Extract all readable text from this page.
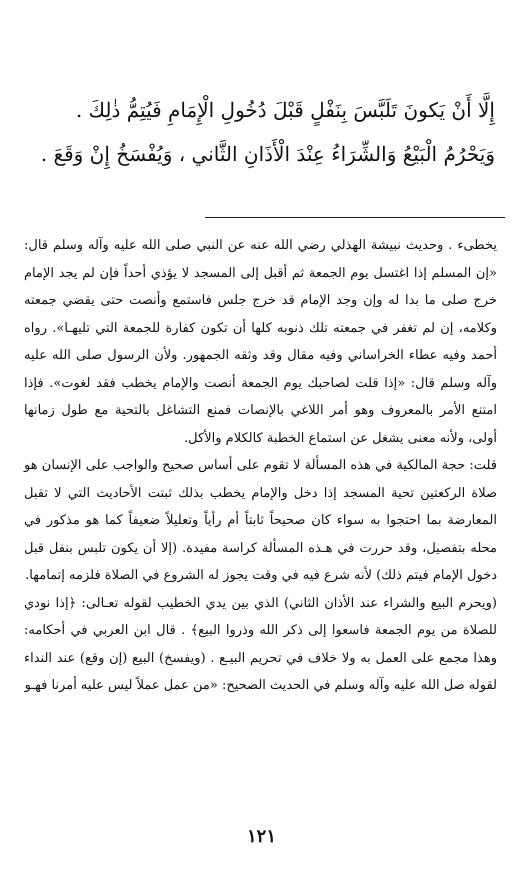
إِلَّا أَنْ يَكونَ تَلَبَّسَ بِنَفْلٍ قَبْلَ دُخُولِ الْإِمَامِ فَيُتِمُّ ذٰلِكَ .
وَيَحْرُمُ الْبَيْعُ وَالشِّرَاءُ عِنْدَ الْأَذَانِ الثَّاني ، وَيُفْسَخُ إِنْ وَقَعَ .

يخطىء . وحديث نبيشة الهذلي رضي الله عنه عن النبي صلى الله عليه وآله وسلم قال: «إن المسلم إذا اغتسل يوم الجمعة ثم أقبل إلى المسجد لا يؤذي أحداً فإن لم يجد الإمام خرج صلى ما بدا له وإن وجد الإمام قد خرج جلس فاستمع وأنصت حتى يقضي جمعته وكلامه، إن لم تغفر في جمعته تلك ذنوبه كلها أن تكون كفارة للجمعة التي تليهـا». رواه أحمد وفيه عطاء الخراساني وفيه مقال وقد وثقه الجمهور. ولأن الرسول صلى الله عليه وآله وسلم قال: «إذا قلت لصاحبك يوم الجمعة أنصت والإمام يخطب فقد لغوت». فإذا امتنع الأمر بالمعروف وهو أمر اللاغي بالإنصات فمنع التشاغل بالتحية مع طول زمانها أولى، ولأنه معنى يشغل عن استماع الخطبة كالكلام والأكل.

قلت: حجة المالكية في هذه المسألة لا تقوم على أساس صحيح والواجب على الإنسان هو صلاة الركعتين تحية المسجد إذا دخل والإمام يخطب بذلك ثبتت الأحاديث التي لا تقبل المعارضة بما احتجوا به سواء كان صحيحاً ثابتاً أم رأياً وتعليلاً ضعيفاً كما هو مذكور في محله بتفصيل، وقد حررت في هـذه المسألة كراسة مفيدة. (إلا أن يكون تلبس بنفل قبل دخول الإمام فيتم ذلك) لأنه شرع فيه في وقت يجوز له الشروع في الصلاة فلزمه إتمامها.

(ويحرم البيع والشراء عند الأذان الثاني) الذي بين يدي الخطيب لقوله تعـالى: ﴿إذا نودي للصلاة من يوم الجمعة فاسعوا إلى ذكر الله وذروا البيع﴾ . قال ابن العربي في أحكامه: وهذا مجمع على العمل به ولا خلاف في تحريم البيـع . (ويفسخ) البيع (إن وقع) عند النداء لقوله صل الله عليه وآله وسلم في الحديث الصحيح: «من عمل عملاً ليس عليه أمرنا فهـو

١٢١
